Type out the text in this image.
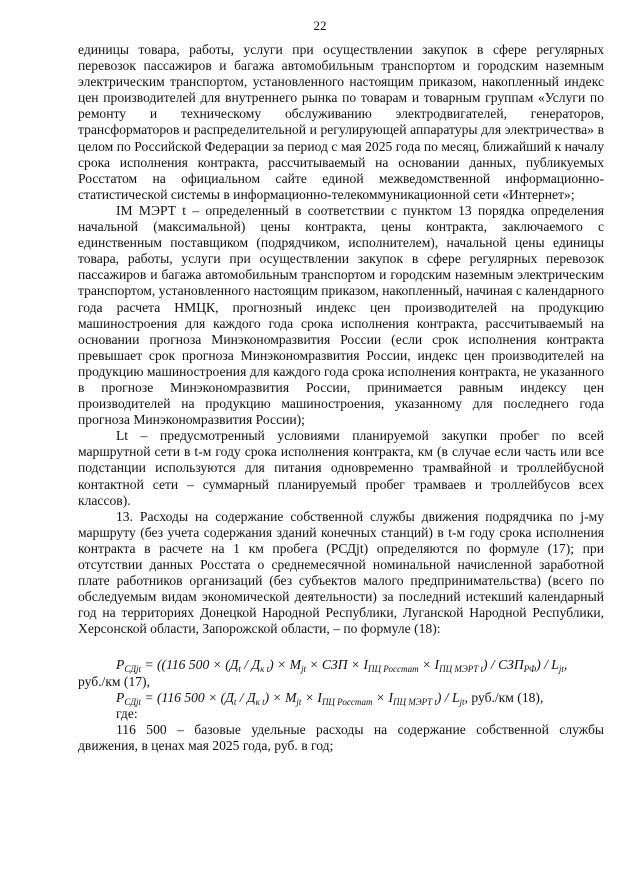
22

единицы товара, работы, услуги при осуществлении закупок в сфере регулярных перевозок пассажиров и багажа автомобильным транспортом и городским наземным электрическим транспортом, установленного настоящим приказом, накопленный индекс цен производителей для внутреннего рынка по товарам и товарным группам «Услуги по ремонту и техническому обслуживанию электродвигателей, генераторов, трансформаторов и распределительной и регулирующей аппаратуры для электричества» в целом по Российской Федерации за период с мая 2025 года по месяц, ближайший к началу срока исполнения контракта, рассчитываемый на основании данных, публикуемых Росстатом на официальном сайте единой межведомственной информационно-статистической системы в информационно-телекоммуникационной сети «Интернет»;

IM МЭРТ t – определенный в соответствии с пунктом 13 порядка определения начальной (максимальной) цены контракта, цены контракта, заключаемого с единственным поставщиком (подрядчиком, исполнителем), начальной цены единицы товара, работы, услуги при осуществлении закупок в сфере регулярных перевозок пассажиров и багажа автомобильным транспортом и городским наземным электрическим транспортом, установленного настоящим приказом, накопленный, начиная с календарного года расчета НМЦК, прогнозный индекс цен производителей на продукцию машиностроения для каждого года срока исполнения контракта, рассчитываемый на основании прогноза Минэкономразвития России (если срок исполнения контракта превышает срок прогноза Минэкономразвития России, индекс цен производителей на продукцию машиностроения для каждого года срока исполнения контракта, не указанного в прогнозе Минэкономразвития России, принимается равным индексу цен производителей на продукцию машиностроения, указанному для последнего года прогноза Минэкономразвития России);

Lt – предусмотренный условиями планируемой закупки пробег по всей маршрутной сети в t-м году срока исполнения контракта, км (в случае если часть или все подстанции используются для питания одновременно трамвайной и троллейбусной контактной сети – суммарный планируемый пробег трамваев и троллейбусов всех классов).

13. Расходы на содержание собственной службы движения подрядчика по j-му маршруту (без учета содержания зданий конечных станций) в t-м году срока исполнения контракта в расчете на 1 км пробега (PСДjt) определяются по формуле (17); при отсутствии данных Росстата о среднемесячной номинальной начисленной заработной плате работников организаций (без субъектов малого предпринимательства) (всего по обследуемым видам экономической деятельности) за последний истекший календарный год на территориях Донецкой Народной Республики, Луганской Народной Республики, Херсонской области, Запорожской области, – по формуле (18):

$P_{СДjt} = ((116$ $500 \times (Д_t / Д_{к t}) \times M_{jt}$ × СЗП × $I_{ПЦ Росстат} \times I_{ПЦ МЭРТ t}) / СЗП_{РФ}) / L_{jt}$,

руб./км (17),

$P_{СДjt} = (116$ $500 \times (Д_t / Д_{к t}) \times M_{jt} \times I_{ПЦ Росстат} \times I_{ПЦ МЭРТ t}) / L_{jt}$, руб./км (18),

где:

116 500 – базовые удельные расходы на содержание собственной службы движения, в ценах мая 2025 года, руб. в год;
